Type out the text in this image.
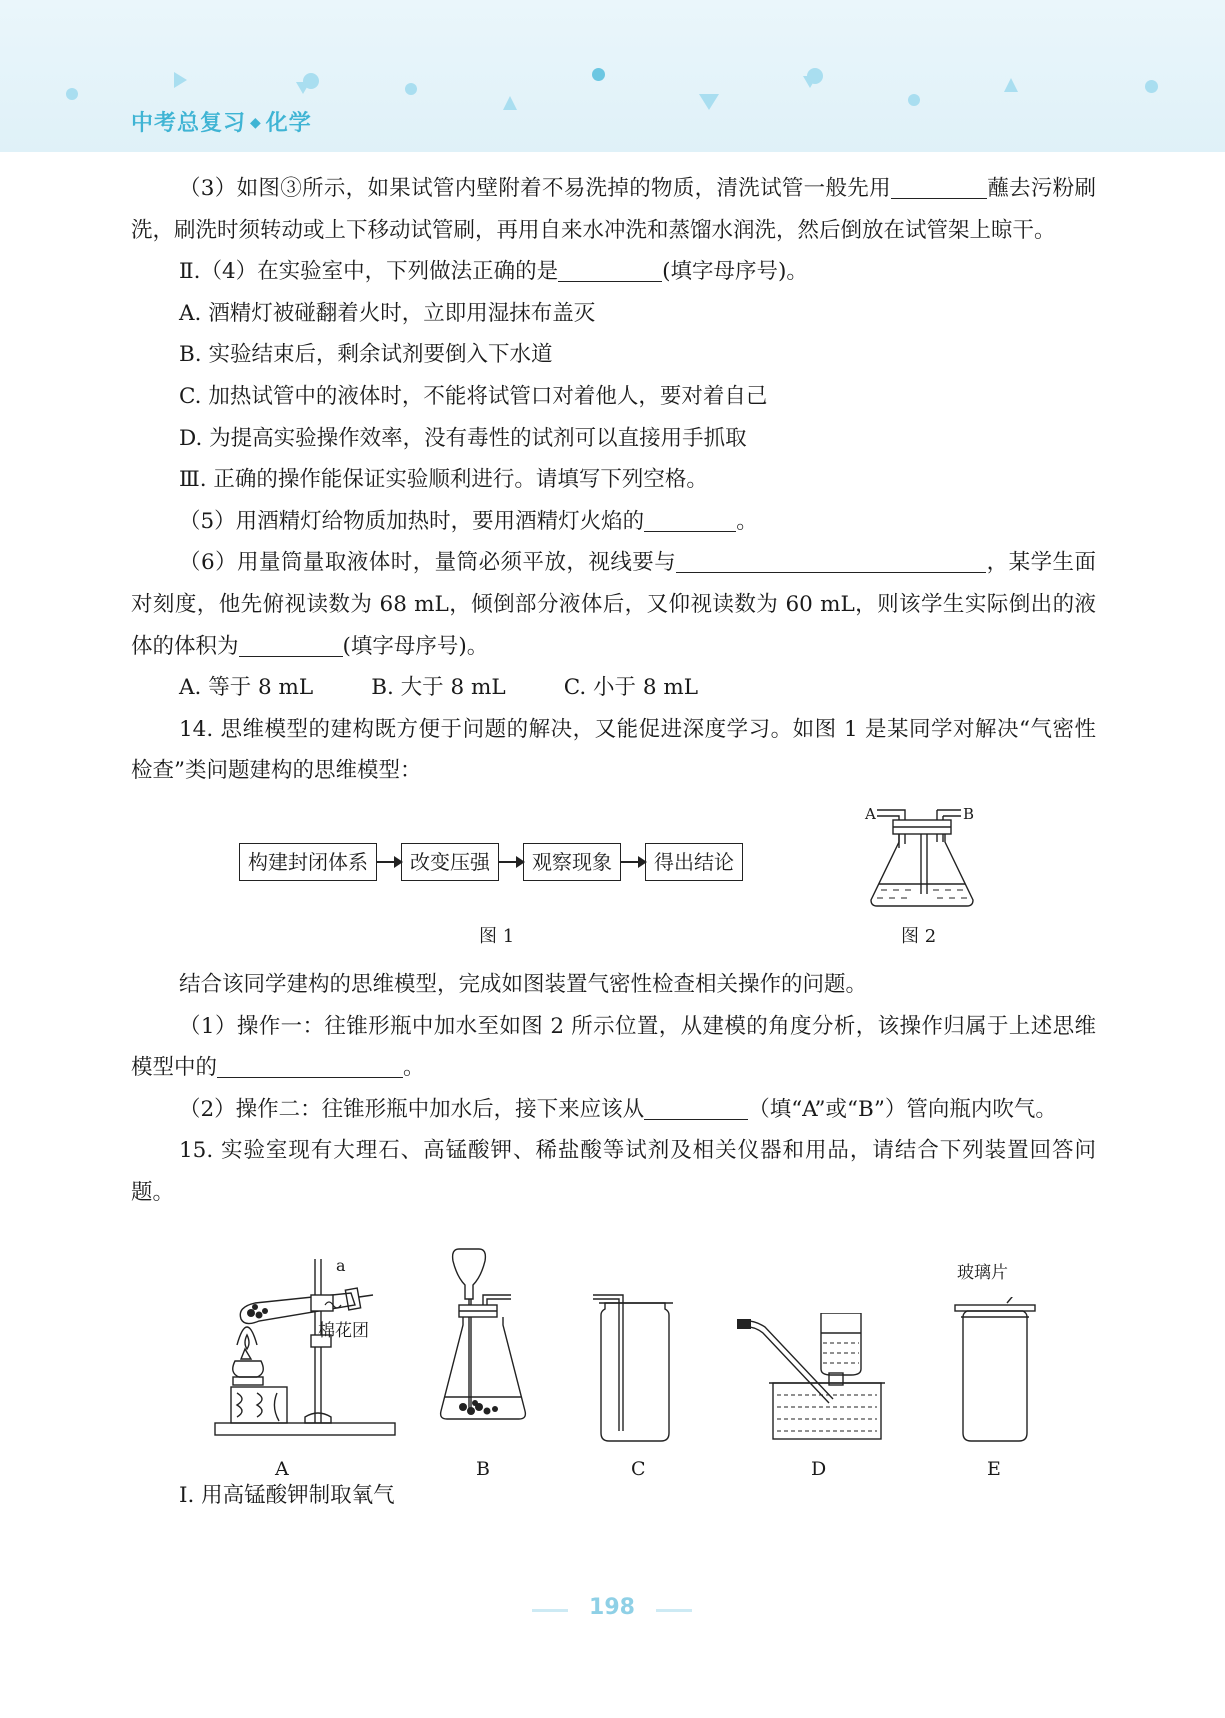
中考总复习 ◆ 化学

（3）如图③所示，如果试管内壁附着不易洗掉的物质，清洗试管一般先用	蘸去污粉刷洗，刷洗时须转动或上下移动试管刷，再用自来水冲洗和蒸馏水润洗，然后倒放在试管架上晾干。

Ⅱ.（4）在实验室中，下列做法正确的是	(填字母序号)。

A. 酒精灯被碰翻着火时，立即用湿抹布盖灭

B. 实验结束后，剩余试剂要倒入下水道

C. 加热试管中的液体时，不能将试管口对着他人，要对着自己

D. 为提高实验操作效率，没有毒性的试剂可以直接用手抓取

Ⅲ. 正确的操作能保证实验顺利进行。请填写下列空格。

（5）用酒精灯给物质加热时，要用酒精灯火焰的	。

（6）用量筒量取液体时，量筒必须平放，视线要与	，某学生面对刻度，他先俯视读数为 68 mL，倾倒部分液体后，又仰视读数为 60 mL，则该学生实际倒出的液体的体积为	(填字母序号)。

A. 等于 8 mL	B. 大于 8 mL	C. 小于 8 mL

14. 思维模型的建构既方便于问题的解决，又能促进深度学习。如图 1 是某同学对解决“气密性检查”类问题建构的思维模型：

构建封闭体系	改变压强	观察现象	得出结论
图 1
A	B
图 2

结合该同学建构的思维模型，完成如图装置气密性检查相关操作的问题。

（1）操作一：往锥形瓶中加水至如图 2 所示位置，从建模的角度分析，该操作归属于上述思维模型中的	。

（2）操作二：往锥形瓶中加水后，接下来应该从	（填“A”或“B”）管向瓶内吹气。

15. 实验室现有大理石、高锰酸钾、稀盐酸等试剂及相关仪器和用品，请结合下列装置回答问题。

a
棉花团
A	B	C	D
玻璃片
E

Ⅰ. 用高锰酸钾制取氧气

198
